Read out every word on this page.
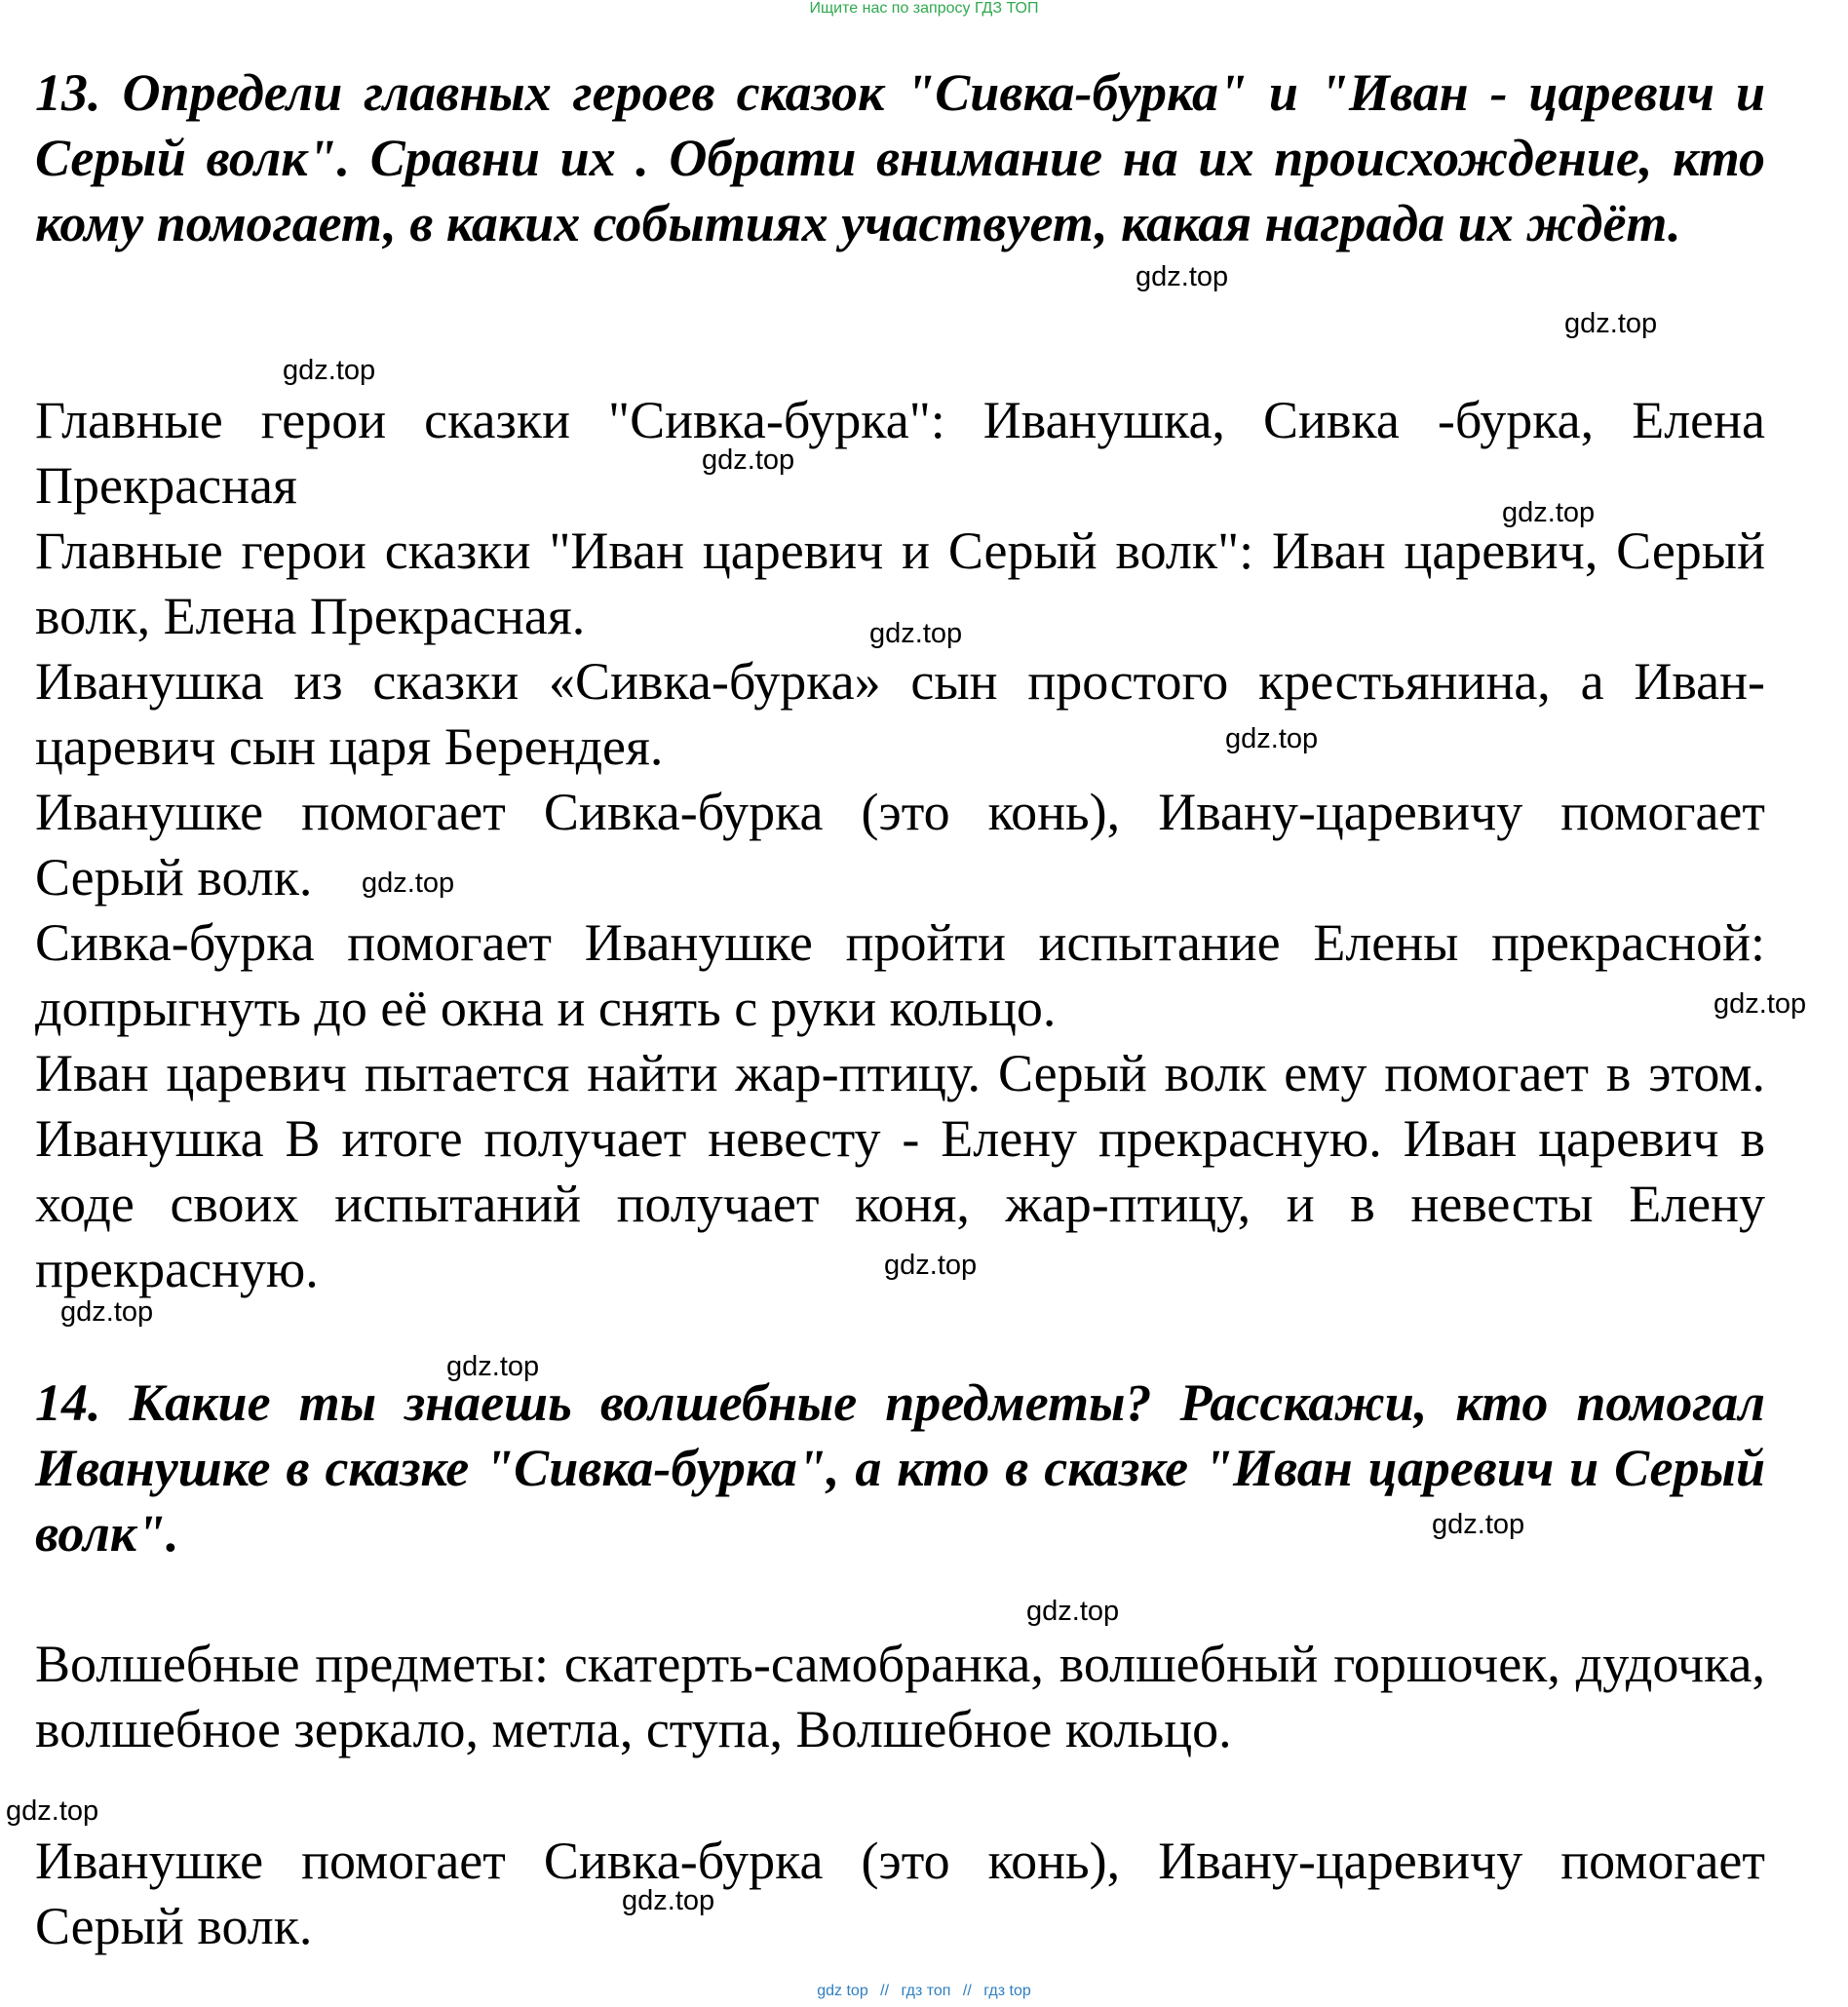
Ищите нас по запросу ГДЗ ТОП

13. Определи главных героев сказок "Сивка-бурка" и "Иван - царевич и Серый волк". Сравни их . Обрати внимание на их происхождение, кто кому помогает, в каких событиях участвует, какая награда их ждёт.

Главные герои сказки "Сивка-бурка": Иванушка, Сивка -бурка, Елена Прекрасная

Главные герои сказки "Иван царевич и Серый волк": Иван царевич, Серый волк, Елена Прекрасная.

Иванушка из сказки «Сивка-бурка» сын простого крестьянина, а Иван-царевич сын царя Берендея.

Иванушке помогает Сивка-бурка (это конь), Ивану-царевичу помогает Серый волк.

Сивка-бурка помогает Иванушке пройти испытание Елены прекрасной: допрыгнуть до её окна и снять с руки кольцо.

Иван царевич пытается найти жар-птицу. Серый волк ему помогает в этом. Иванушка В итоге получает невесту - Елену прекрасную. Иван царевич в ходе своих испытаний получает коня, жар-птицу, и в невесты Елену прекрасную.

14. Какие ты знаешь волшебные предметы? Расскажи, кто помогал Иванушке в сказке "Сивка-бурка", а кто в сказке "Иван царевич и Серый волк".

Волшебные предметы: скатерть-самобранка, волшебный горшочек, дудочка, волшебное зеркало, метла, ступа, Волшебное кольцо.

Иванушке помогает Сивка-бурка (это конь), Ивану-царевичу помогает Серый волк.

gdz.top
gdz.top
gdz.top
gdz.top
gdz.top
gdz.top
gdz.top
gdz.top
gdz.top
gdz.top
gdz.top
gdz.top
gdz.top
gdz.top
gdz.top
gdz.top
gdz top // гдз топ // гдз top
